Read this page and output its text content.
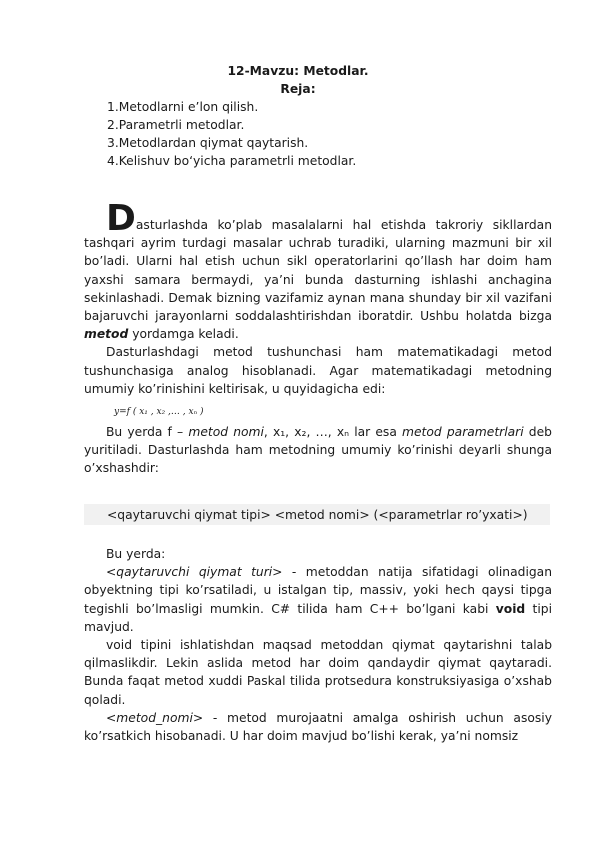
12-Mavzu: Metodlar.
Reja:
1.Metodlarni e’lon qilish.
2.Parametrli metodlar.
3.Metodlardan qiymat qaytarish.
4.Kelishuv bo‘yicha parametrli metodlar.

Dasturlashda ko’plab masalalarni hal etishda takroriy sikllardan tashqari ayrim turdagi masalar uchrab turadiki, ularning mazmuni bir xil bo’ladi. Ularni hal etish uchun sikl operatorlarini qo’llash har doim ham yaxshi samara bermaydi, ya’ni bunda dasturning ishlashi anchagina sekinlashadi. Demak bizning vazifamiz aynan mana shunday bir xil vazifani bajaruvchi jarayonlarni soddalashtirishdan iboratdir. Ushbu holatda bizga metod yordamga keladi.

Dasturlashdagi metod tushunchasi ham matematikadagi metod tushunchasiga analog hisoblanadi. Agar matematikadagi metodning umumiy ko’rinishini keltirisak, u quyidagicha edi:

y=f ( x₁ , x₂ ,… , xₙ )

Bu yerda f – metod nomi, x₁, x₂, …, xₙ lar esa metod parametrlari deb yuritiladi. Dasturlashda ham metodning umumiy ko’rinishi deyarli shunga o’xshashdir:

<qaytaruvchi qiymat tipi> <metod nomi> (<parametrlar ro’yxati>)

Bu yerda:

<qaytaruvchi qiymat turi> - metoddan natija sifatidagi olinadigan obyektning tipi ko’rsatiladi, u istalgan tip, massiv, yoki hech qaysi tipga tegishli bo’lmasligi mumkin. C# tilida ham C++ bo’lgani kabi void tipi mavjud.

void tipini ishlatishdan maqsad metoddan qiymat qaytarishni talab qilmaslikdir. Lekin aslida metod har doim qandaydir qiymat qaytaradi. Bunda faqat metod xuddi Paskal tilida protsedura konstruksiyasiga o’xshab qoladi.

<metod_nomi> - metod murojaatni amalga oshirish uchun asosiy ko’rsatkich hisobanadi. U har doim mavjud bo’lishi kerak, ya’ni nomsiz
